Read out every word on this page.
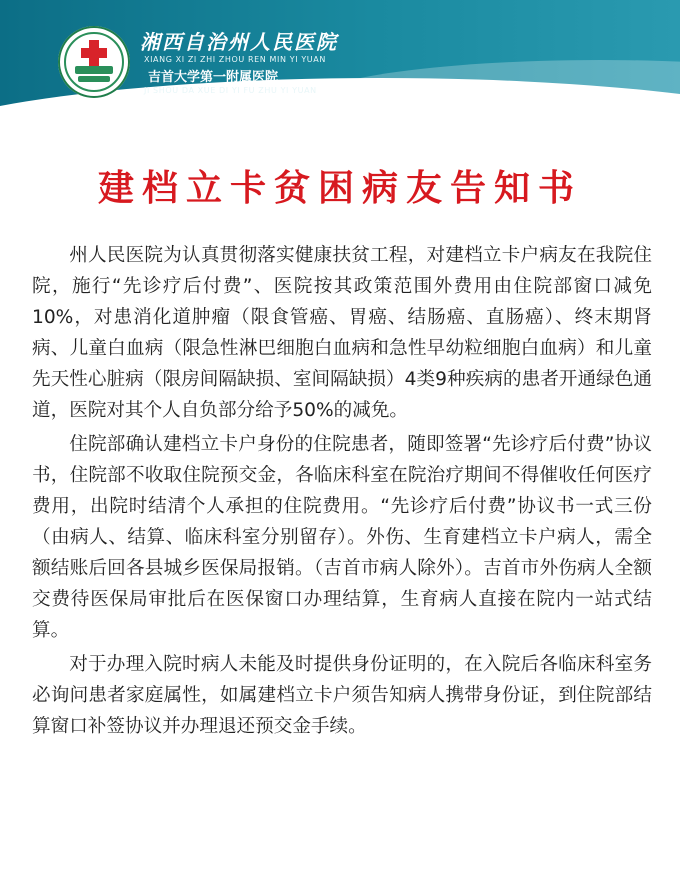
湘西自治州人民医院
XIANG XI ZI ZHI ZHOU REN MIN YI YUAN
吉首大学第一附属医院
JI SHOU DA XUE DI YI FU ZHU YI YUAN
建档立卡贫困病友告知书

州人民医院为认真贯彻落实健康扶贫工程，对建档立卡户病友在我院住院，施行“先诊疗后付费”、医院按其政策范围外费用由住院部窗口减免10%，对患消化道肿瘤（限食管癌、胃癌、结肠癌、直肠癌）、终末期肾病、儿童白血病（限急性淋巴细胞白血病和急性早幼粒细胞白血病）和儿童先天性心脏病（限房间隔缺损、室间隔缺损）4类9种疾病的患者开通绿色通道，医院对其个人自负部分给予50%的减免。

住院部确认建档立卡户身份的住院患者，随即签署“先诊疗后付费”协议书，住院部不收取住院预交金，各临床科室在院治疗期间不得催收任何医疗费用，出院时结清个人承担的住院费用。“先诊疗后付费”协议书一式三份（由病人、结算、临床科室分别留存）。外伤、生育建档立卡户病人，需全额结账后回各县城乡医保局报销。（吉首市病人除外）。吉首市外伤病人全额交费待医保局审批后在医保窗口办理结算，生育病人直接在院内一站式结算。

对于办理入院时病人未能及时提供身份证明的，在入院后各临床科室务必询问患者家庭属性，如属建档立卡户须告知病人携带身份证，到住院部结算窗口补签协议并办理退还预交金手续。
